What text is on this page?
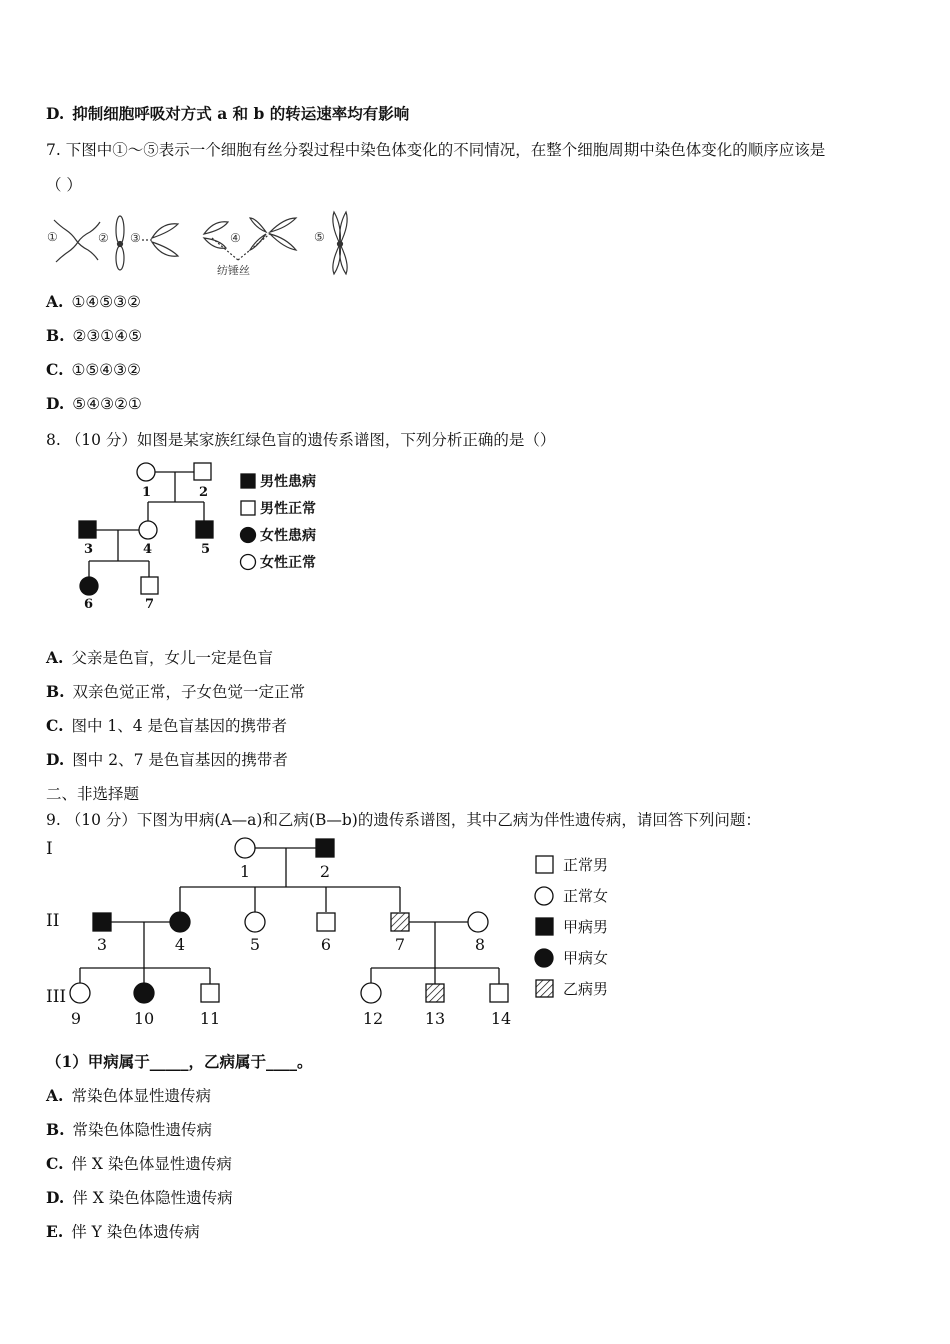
D. 抑制细胞呼吸对方式 a 和 b 的转运速率均有影响
7. 下图中①～⑤表示一个细胞有丝分裂过程中染色体变化的不同情况，在整个细胞周期中染色体变化的顺序应该是
（ ）
①	② ③	④	⑤
纺锤丝
A. ①④⑤③②
B. ②③①④⑤
C. ①⑤④③②
D. ⑤④③②①
8. （10 分）如图是某家族红绿色盲的遗传系谱图，下列分析正确的是（）
1	2
3	4	5
6	7
男性患病
男性正常
女性患病
女性正常
A. 父亲是色盲，女儿一定是色盲
B. 双亲色觉正常，子女色觉一定正常
C. 图中 1、4 是色盲基因的携带者
D. 图中 2、7 是色盲基因的携带者
二、非选择题
9. （10 分）下图为甲病(A—a)和乙病(B—b)的遗传系谱图，其中乙病为伴性遗传病，请回答下列问题：
I
II
III
1	2
3	4	5	6	7	8
9	10	11	12	13	14
正常男
正常女
甲病男
甲病女
乙病男
（1）甲病属于_____，乙病属于____。
A. 常染色体显性遗传病
B. 常染色体隐性遗传病
C. 伴 X 染色体显性遗传病
D. 伴 X 染色体隐性遗传病
E. 伴 Y 染色体遗传病
